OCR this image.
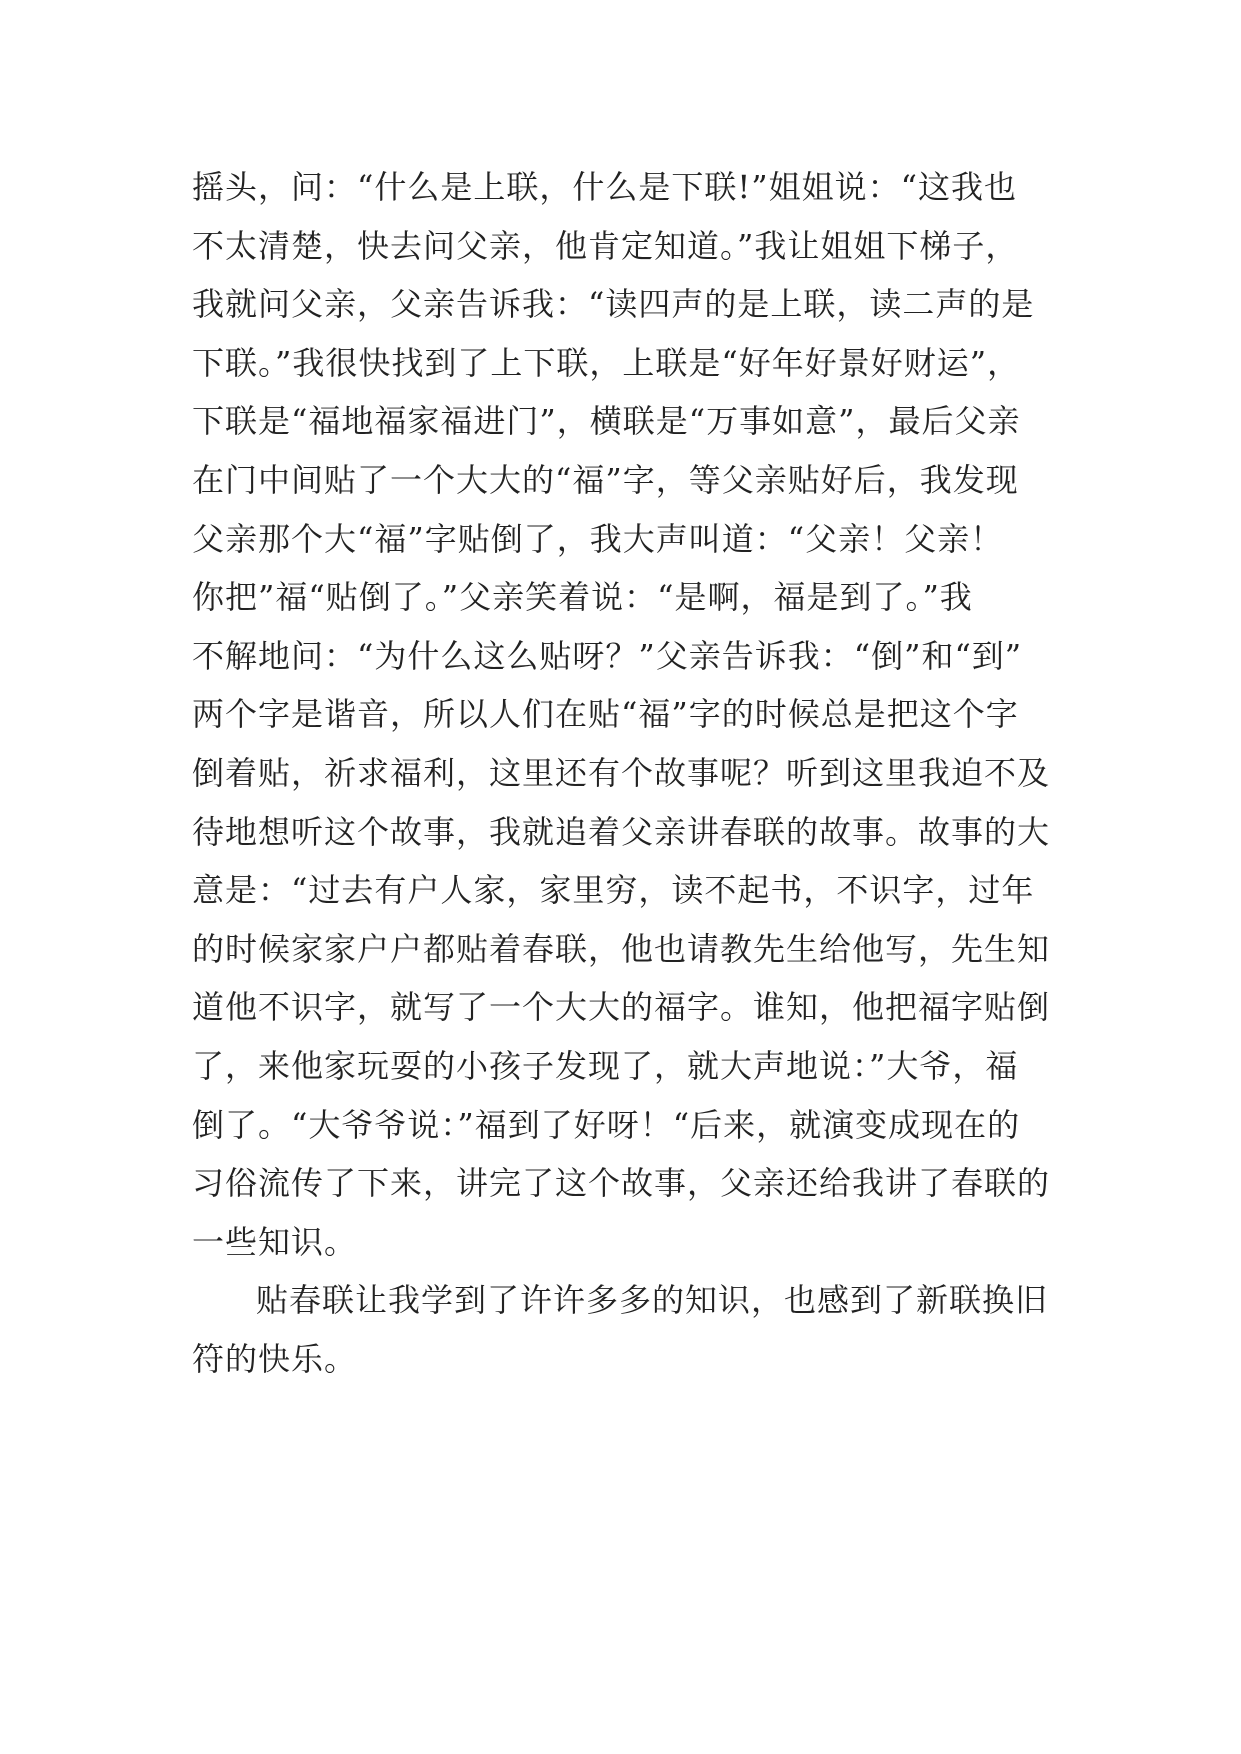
摇头，问：“什么是上联，什么是下联!”姐姐说：“这我也
不太清楚，快去问父亲，他肯定知道。”我让姐姐下梯子，
我就问父亲，父亲告诉我：“读四声的是上联，读二声的是
下联。”我很快找到了上下联，上联是“好年好景好财运”，
下联是“福地福家福进门”，横联是“万事如意”，最后父亲
在门中间贴了一个大大的“福”字，等父亲贴好后，我发现
父亲那个大“福”字贴倒了，我大声叫道：“父亲！父亲！
你把”福“贴倒了。”父亲笑着说：“是啊，福是到了。”我
不解地问：“为什么这么贴呀？”父亲告诉我：“倒”和“到”
两个字是谐音，所以人们在贴“福”字的时候总是把这个字
倒着贴，祈求福利，这里还有个故事呢？听到这里我迫不及
待地想听这个故事，我就追着父亲讲春联的故事。故事的大
意是：“过去有户人家，家里穷，读不起书，不识字，过年
的时候家家户户都贴着春联，他也请教先生给他写，先生知
道他不识字，就写了一个大大的福字。谁知，他把福字贴倒
了，来他家玩耍的小孩子发现了，就大声地说：”大爷，福
倒了。“大爷爷说：”福到了好呀！“后来，就演变成现在的
习俗流传了下来，讲完了这个故事，父亲还给我讲了春联的
一些知识。
贴春联让我学到了许许多多的知识，也感到了新联换旧
符的快乐。
